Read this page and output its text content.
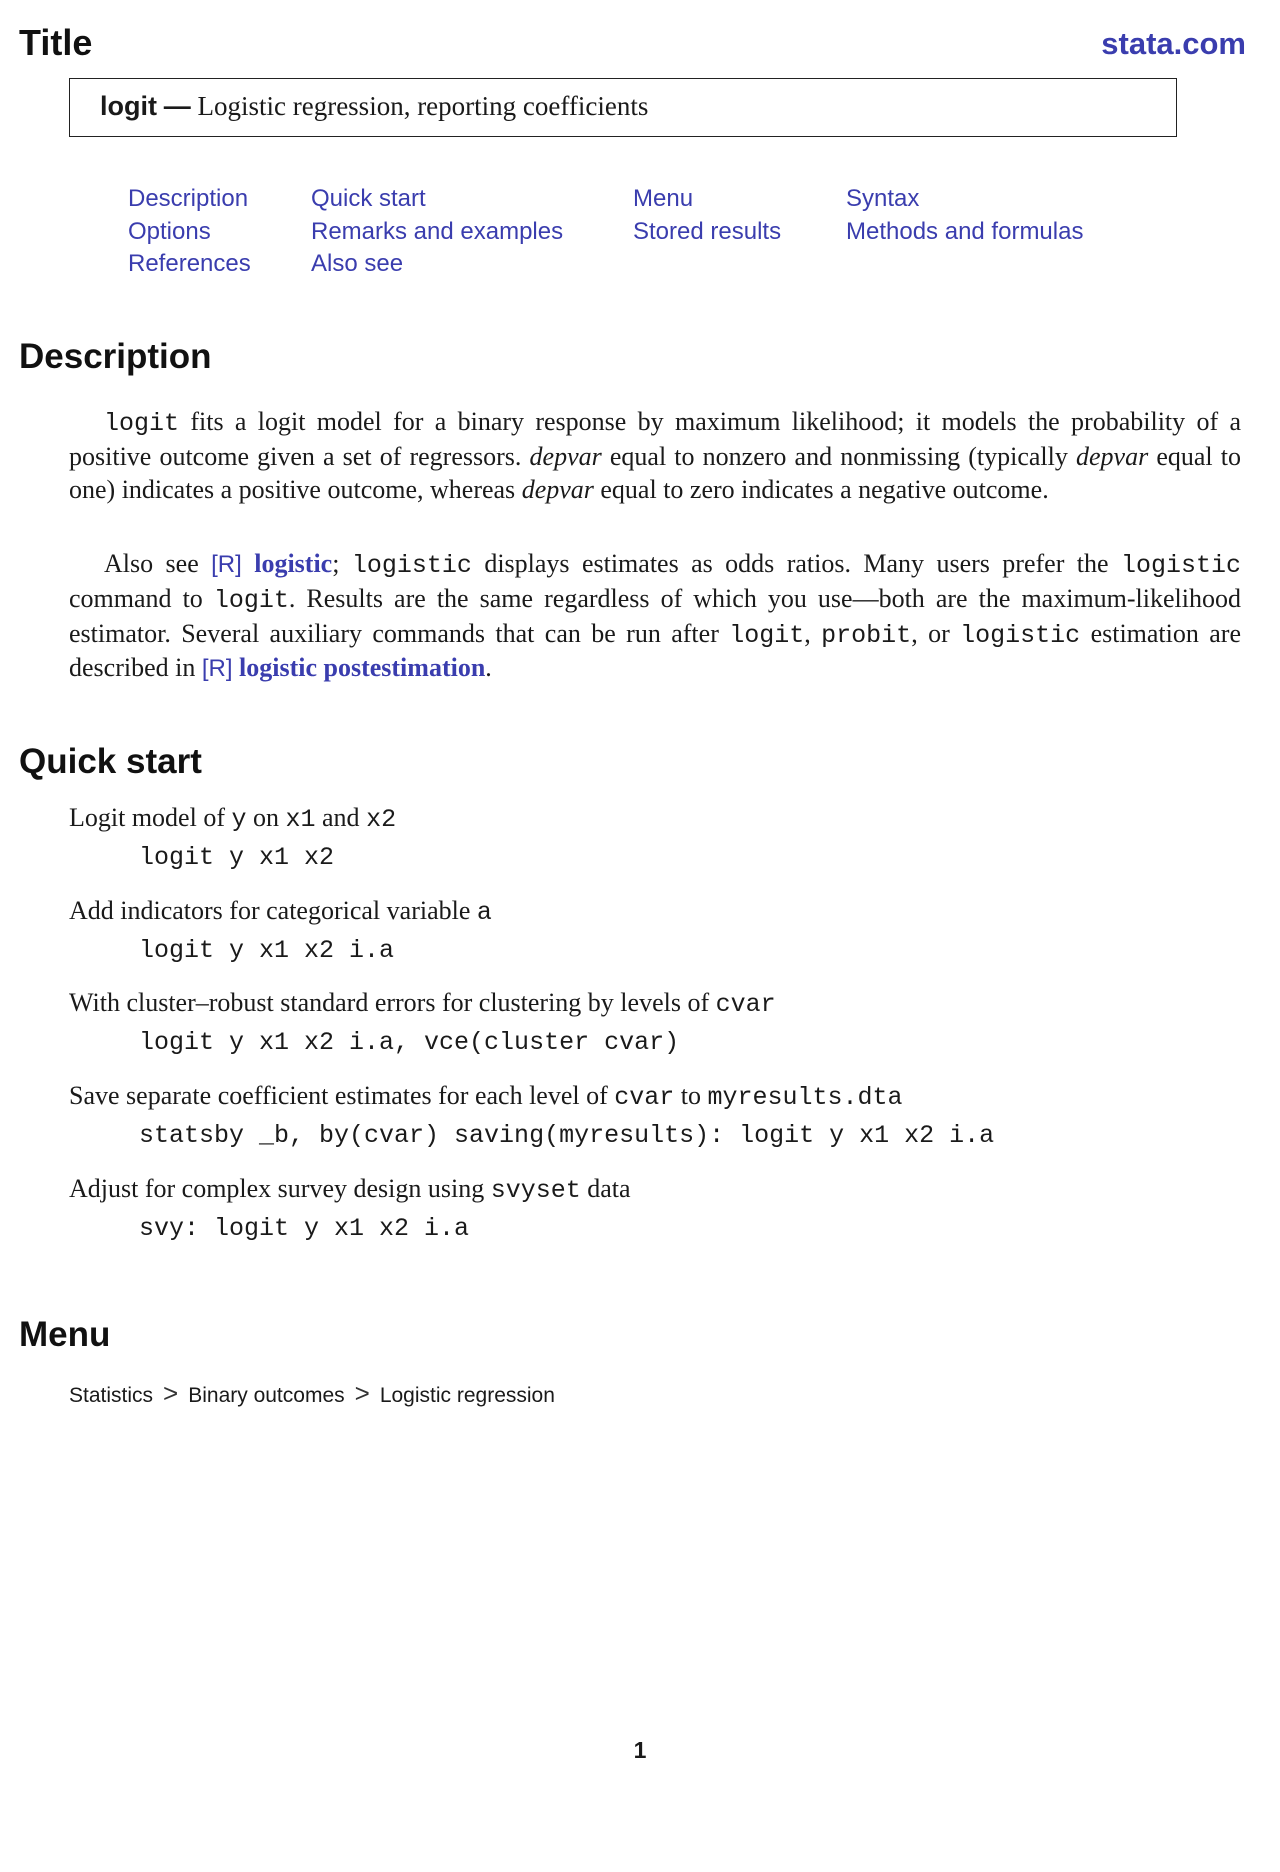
Title	stata.com
logit — Logistic regression, reporting coefficients
Description
Options
References
Quick start
Remarks and examples
Also see
Menu
Stored results
Syntax
Methods and formulas
Description
logit fits a logit model for a binary response by maximum likelihood; it models the probability of a positive outcome given a set of regressors. depvar equal to nonzero and nonmissing (typically depvar equal to one) indicates a positive outcome, whereas depvar equal to zero indicates a negative outcome.
Also see [R] logistic; logistic displays estimates as odds ratios. Many users prefer the logistic command to logit. Results are the same regardless of which you use—both are the maximum-likelihood estimator. Several auxiliary commands that can be run after logit, probit, or logistic estimation are described in [R] logistic postestimation.
Quick start
Logit model of y on x1 and x2
logit y x1 x2
Add indicators for categorical variable a
logit y x1 x2 i.a
With cluster–robust standard errors for clustering by levels of cvar
logit y x1 x2 i.a, vce(cluster cvar)
Save separate coefficient estimates for each level of cvar to myresults.dta
statsby _b, by(cvar) saving(myresults): logit y x1 x2 i.a
Adjust for complex survey design using svyset data
svy: logit y x1 x2 i.a
Menu
Statistics > Binary outcomes > Logistic regression
1
